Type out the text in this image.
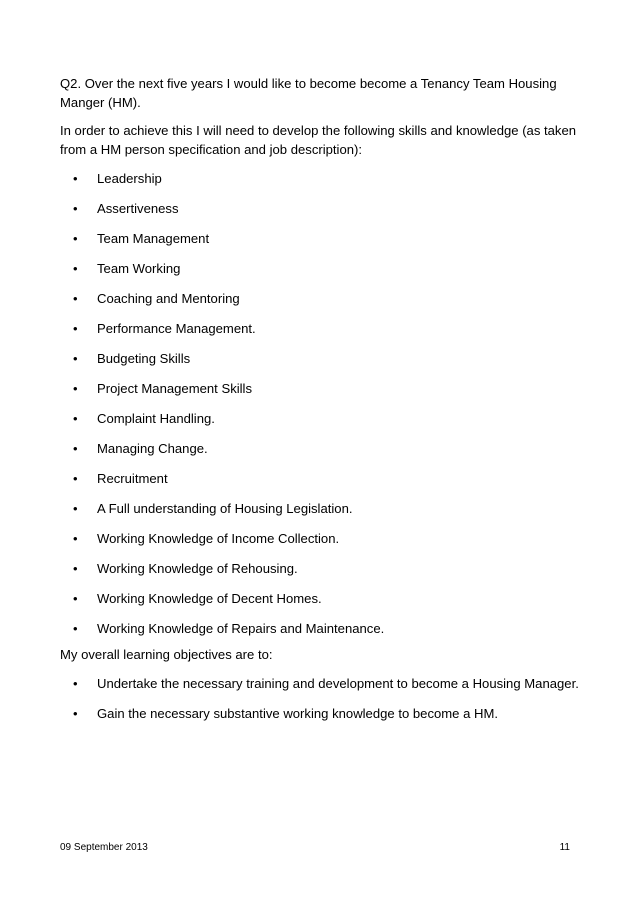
Q2. Over the next five years I would like to become become a Tenancy Team Housing Manger (HM).

In order to achieve this I will need to develop the following skills and knowledge (as taken from a HM person specification and job description):

• Leadership
• Assertiveness
• Team Management
• Team Working
• Coaching and Mentoring
• Performance Management.
• Budgeting Skills
• Project Management Skills
• Complaint Handling.
• Managing Change.
• Recruitment
• A Full understanding of Housing Legislation.
• Working Knowledge of Income Collection.
• Working Knowledge of Rehousing.
• Working Knowledge of Decent Homes.
• Working Knowledge of Repairs and Maintenance.

My overall learning objectives are to:

• Undertake the necessary training and development to become a Housing Manager.
• Gain the necessary substantive working knowledge to become a HM.
09 September 2013	11
